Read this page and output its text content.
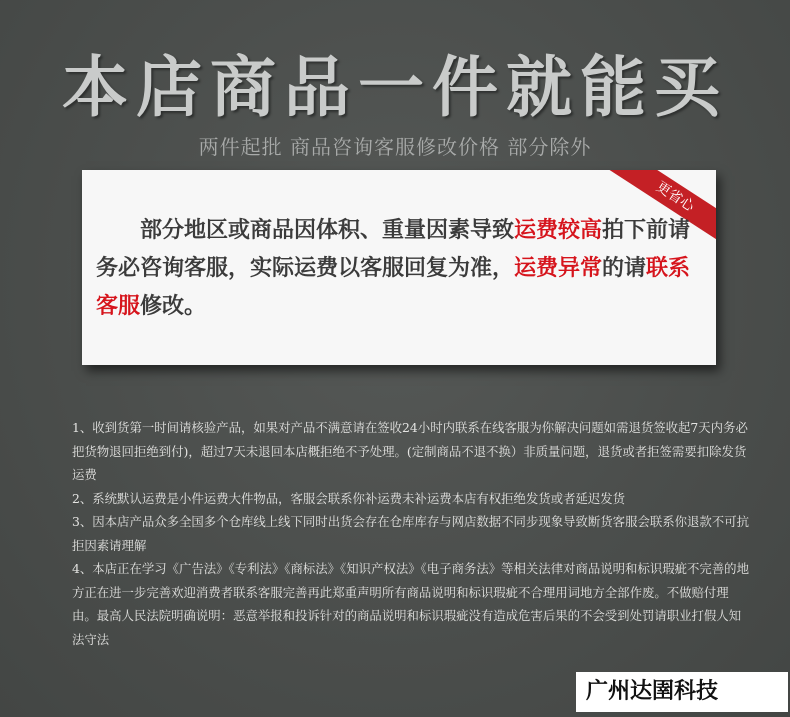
本店商品一件就能买
两件起批 商品咨询客服修改价格 部分除外
更省心
部分地区或商品因体积、重量因素导致运费较高拍下前请务必咨询客服，实际运费以客服回复为准，运费异常的请联系客服修改。

1、收到货第一时间请核验产品，如果对产品不满意请在签收24小时内联系在线客服为你解决问题如需退货签收起7天内务必把货物退回拒绝到付)，超过7天未退回本店概拒绝不予处理。(定制商品不退不换）非质量问题，退货或者拒签需要扣除发货运费

2、系统默认运费是小件运费大件物品，客服会联系你补运费未补运费本店有权拒绝发货或者延迟发货

3、因本店产品众多全国多个仓库线上线下同时出货会存在仓库库存与网店数据不同步现象导致断货客服会联系你退款不可抗拒因素请理解

4、本店正在学习《广告法》《专利法》《商标法》《知识产权法》《电子商务法》等相关法律对商品说明和标识瑕疵不完善的地方正在进一步完善欢迎消费者联系客服完善再此郑重声明所有商品说明和标识瑕疵不合理用词地方全部作废。不做赔付理由。最高人民法院明确说明：恶意举报和投诉针对的商品说明和标识瑕疵没有造成危害后果的不会受到处罚请职业打假人知法守法

广州达圉科技
